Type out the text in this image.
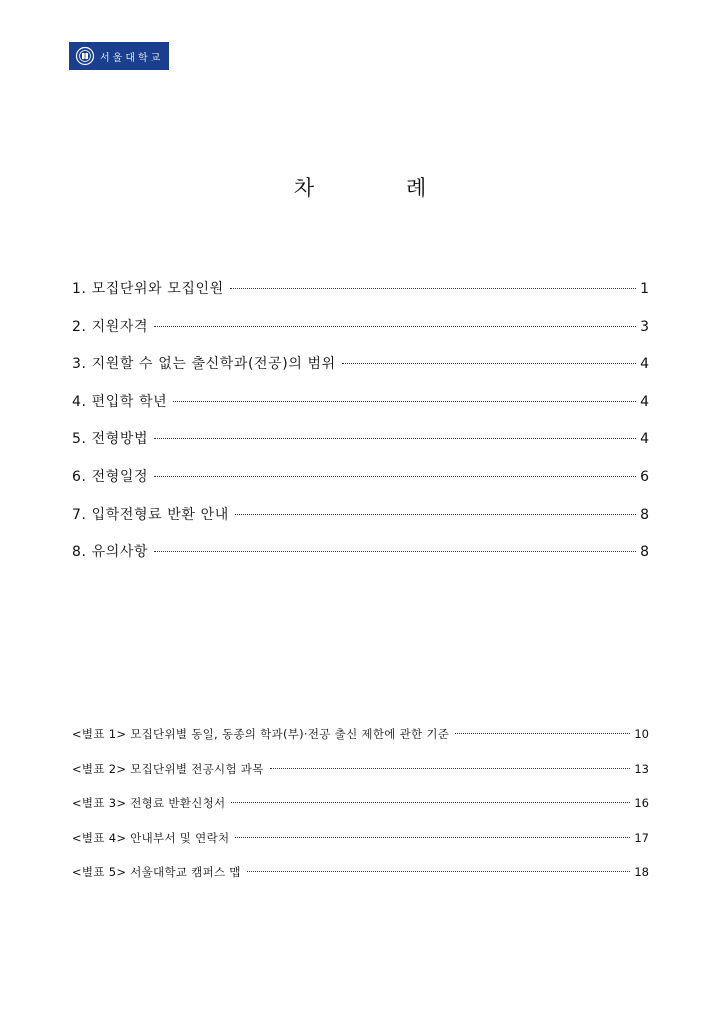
서울대학교
차	례
1. 모집단위와 모집인원	1
2. 지원자격	3
3. 지원할 수 없는 출신학과(전공)의 범위	4
4. 편입학 학년	4
5. 전형방법	4
6. 전형일정	6
7. 입학전형료 반환 안내	8
8. 유의사항	8
<별표 1> 모집단위별 동일, 동종의 학과(부)·전공 출신 제한에 관한 기준	10
<별표 2> 모집단위별 전공시험 과목	13
<별표 3> 전형료 반환신청서	16
<별표 4> 안내부서 및 연락처	17
<별표 5> 서울대학교 캠퍼스 맵	18
